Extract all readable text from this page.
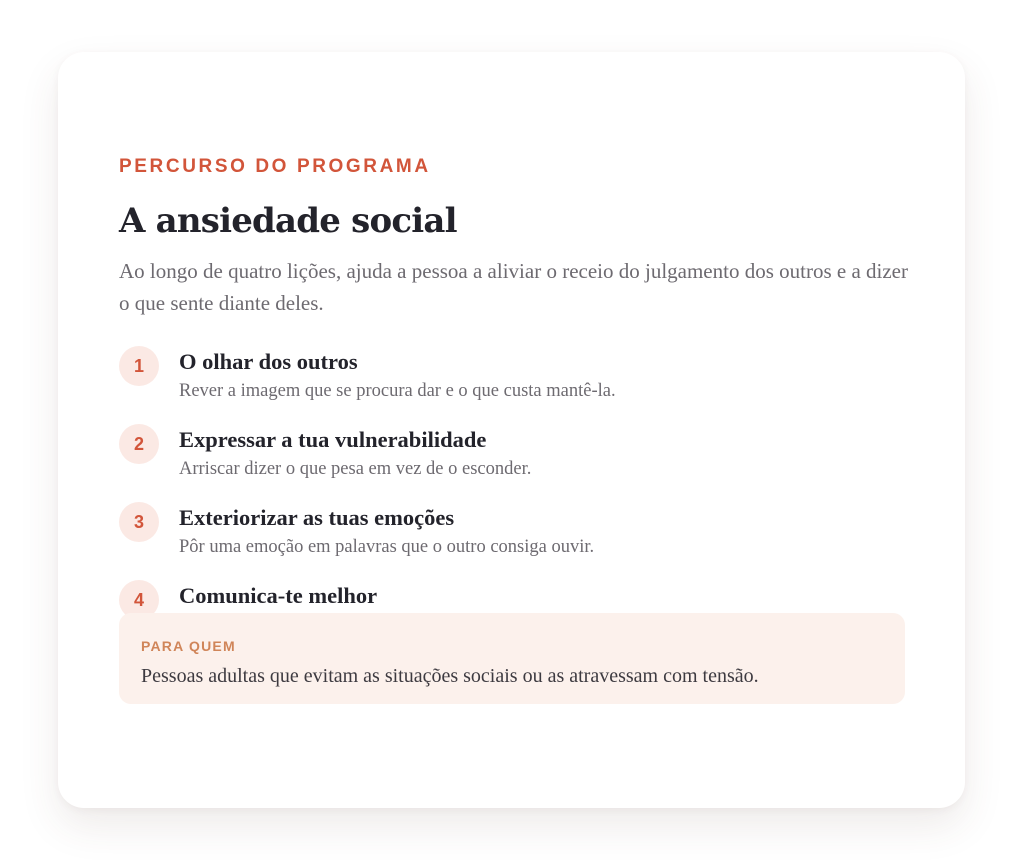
PERCURSO DO PROGRAMA

A ansiedade social

Ao longo de quatro lições, ajuda a pessoa a aliviar o receio do julgamento dos outros e a dizer o que sente diante deles.

1	O olhar dos outros
Rever a imagem que se procura dar e o que custa mantê-la.
2	Expressar a tua vulnerabilidade
Arriscar dizer o que pesa em vez de o esconder.
3	Exteriorizar as tuas emoções
Pôr uma emoção em palavras que o outro consiga ouvir.
4	Comunica-te melhor
PARA QUEM
Pessoas adultas que evitam as situações sociais ou as atravessam com tensão.
